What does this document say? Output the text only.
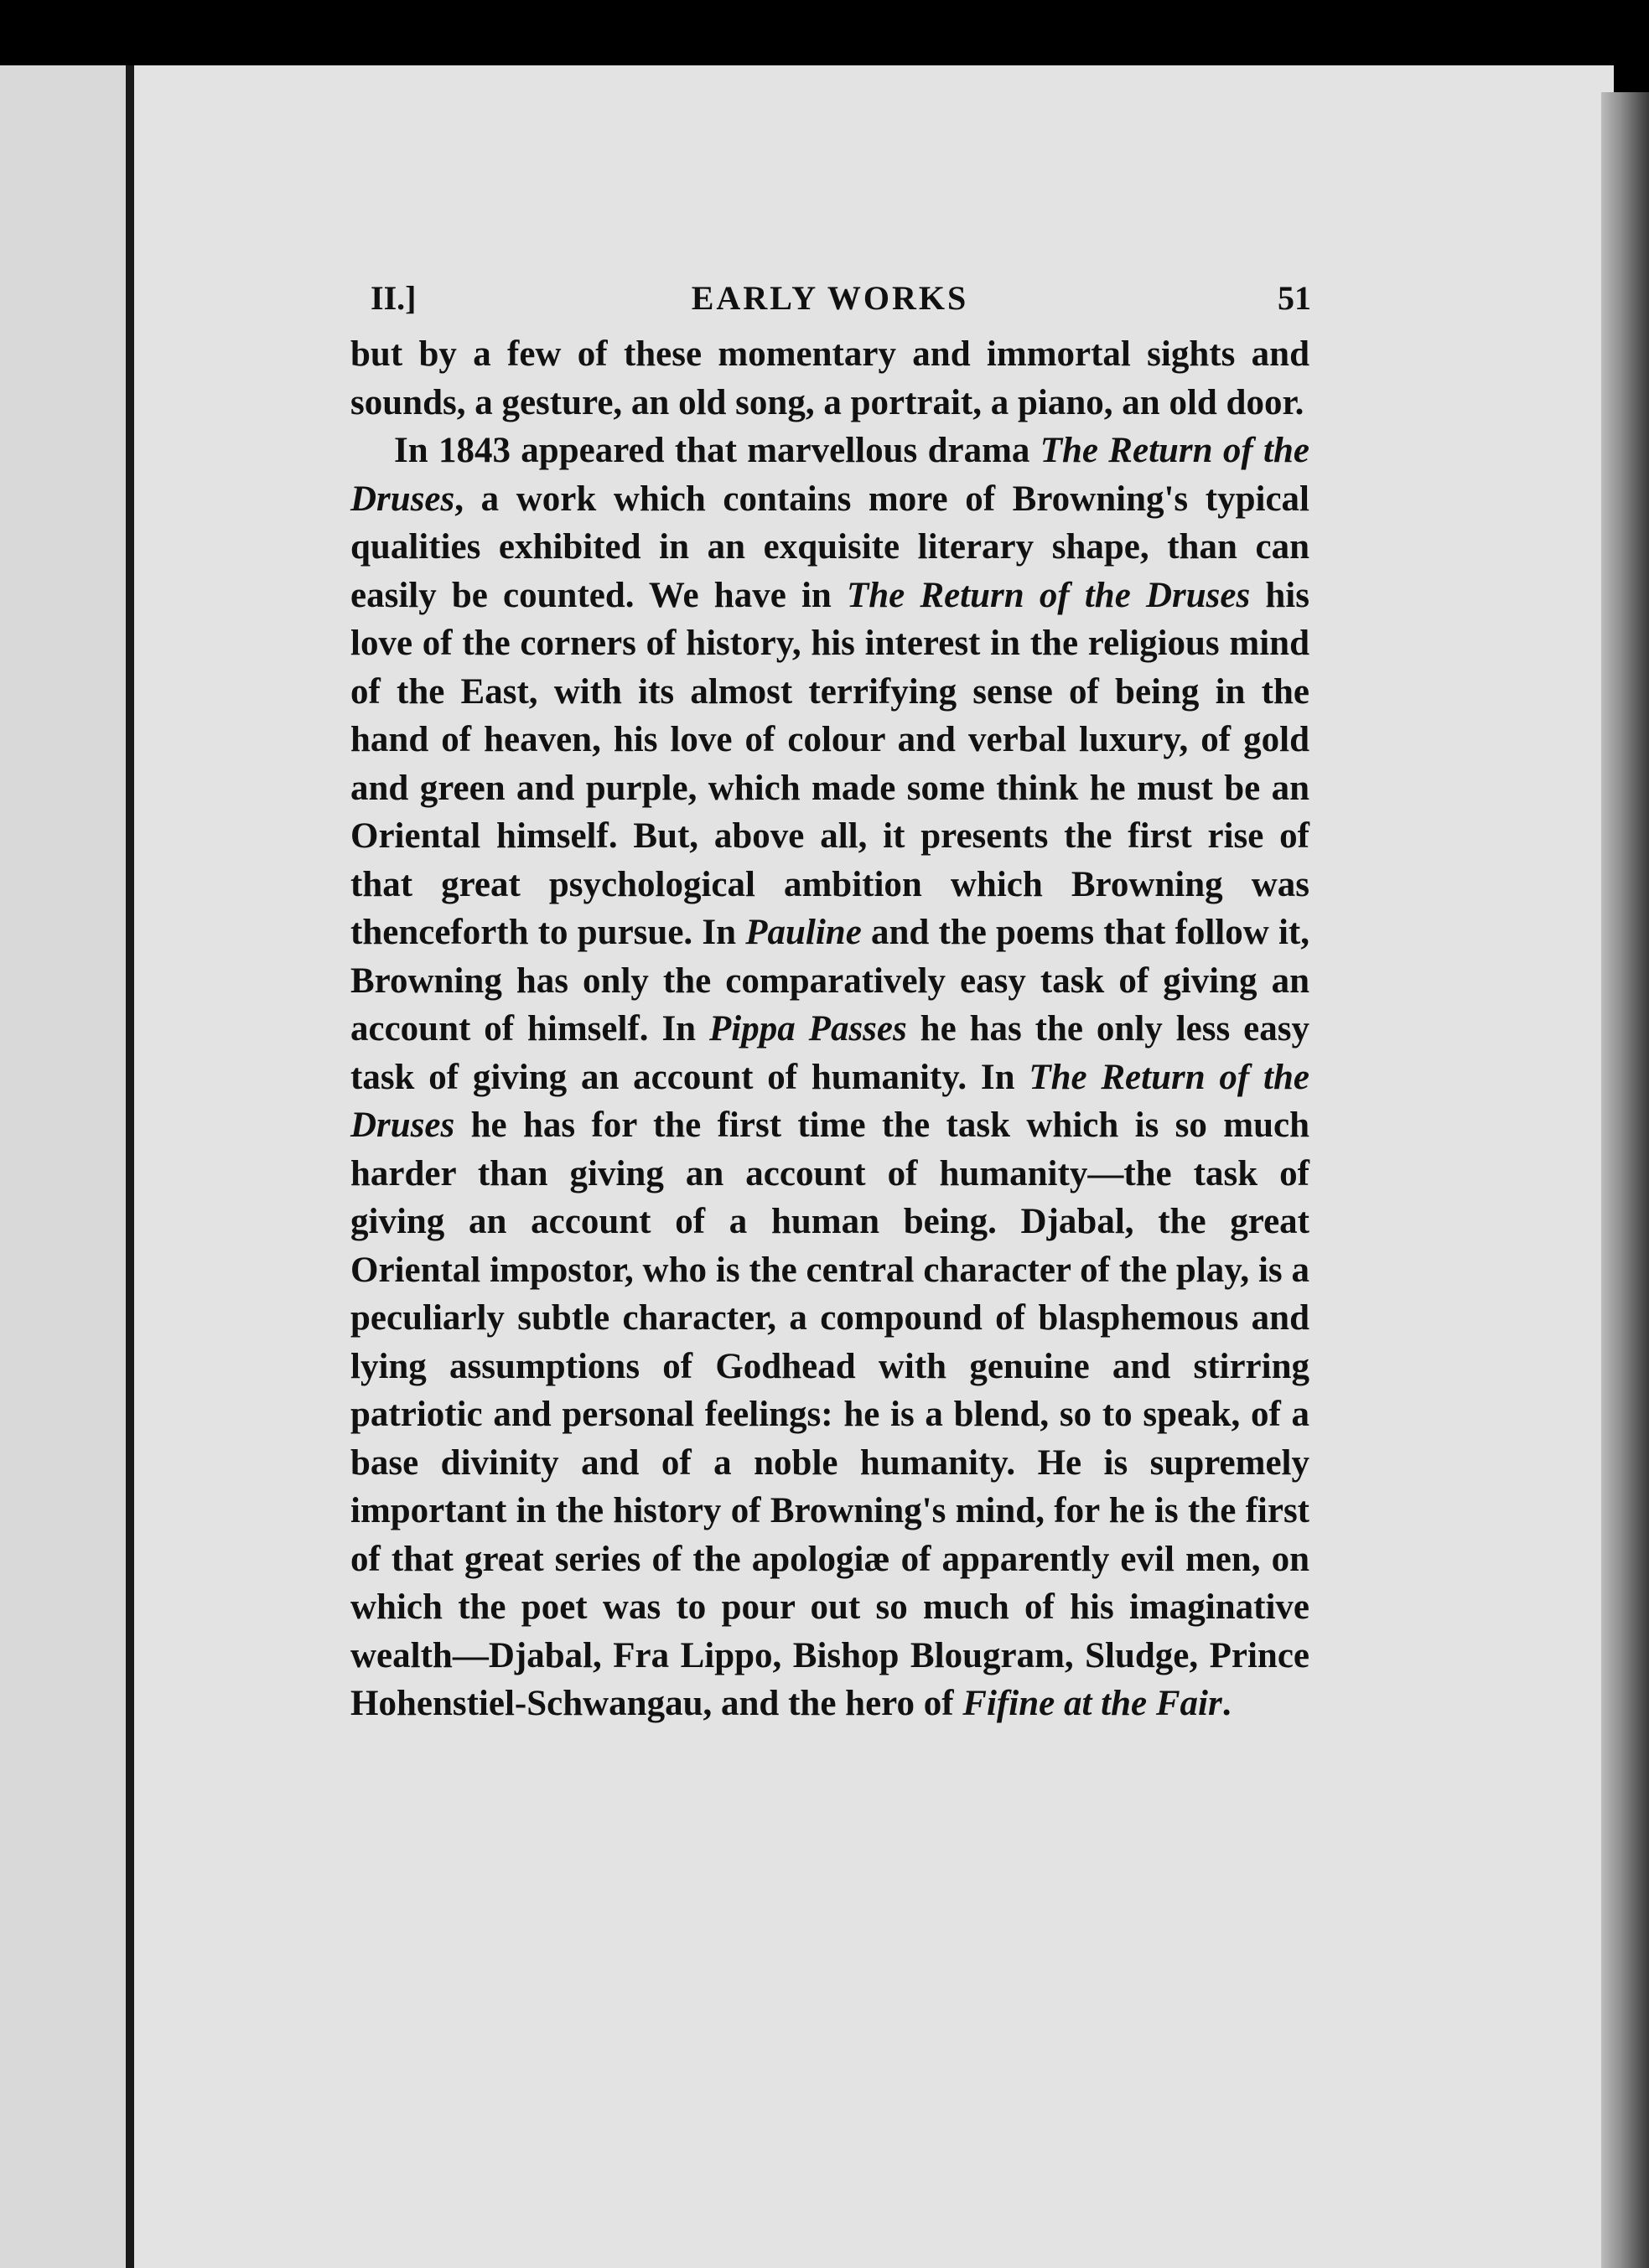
II.]	EARLY WORKS	51

but by a few of these momentary and immortal sights and sounds, a gesture, an old song, a portrait, a piano, an old door.

In 1843 appeared that marvellous drama The Return of the Druses, a work which contains more of Browning's typical qualities exhibited in an exquisite literary shape, than can easily be counted. We have in The Return of the Druses his love of the corners of history, his interest in the religious mind of the East, with its almost terrifying sense of being in the hand of heaven, his love of colour and verbal luxury, of gold and green and purple, which made some think he must be an Oriental himself. But, above all, it presents the first rise of that great psychological ambition which Browning was thenceforth to pursue. In Pauline and the poems that follow it, Browning has only the comparatively easy task of giving an account of himself. In Pippa Passes he has the only less easy task of giving an account of humanity. In The Return of the Druses he has for the first time the task which is so much harder than giving an account of humanity—the task of giving an account of a human being. Djabal, the great Oriental impostor, who is the central character of the play, is a peculiarly subtle character, a compound of blasphemous and lying assumptions of Godhead with genuine and stirring patriotic and personal feelings: he is a blend, so to speak, of a base divinity and of a noble humanity. He is supremely important in the history of Browning's mind, for he is the first of that great series of the apologiæ of apparently evil men, on which the poet was to pour out so much of his imaginative wealth—Djabal, Fra Lippo, Bishop Blougram, Sludge, Prince Hohenstiel-Schwangau, and the hero of Fifine at the Fair.
